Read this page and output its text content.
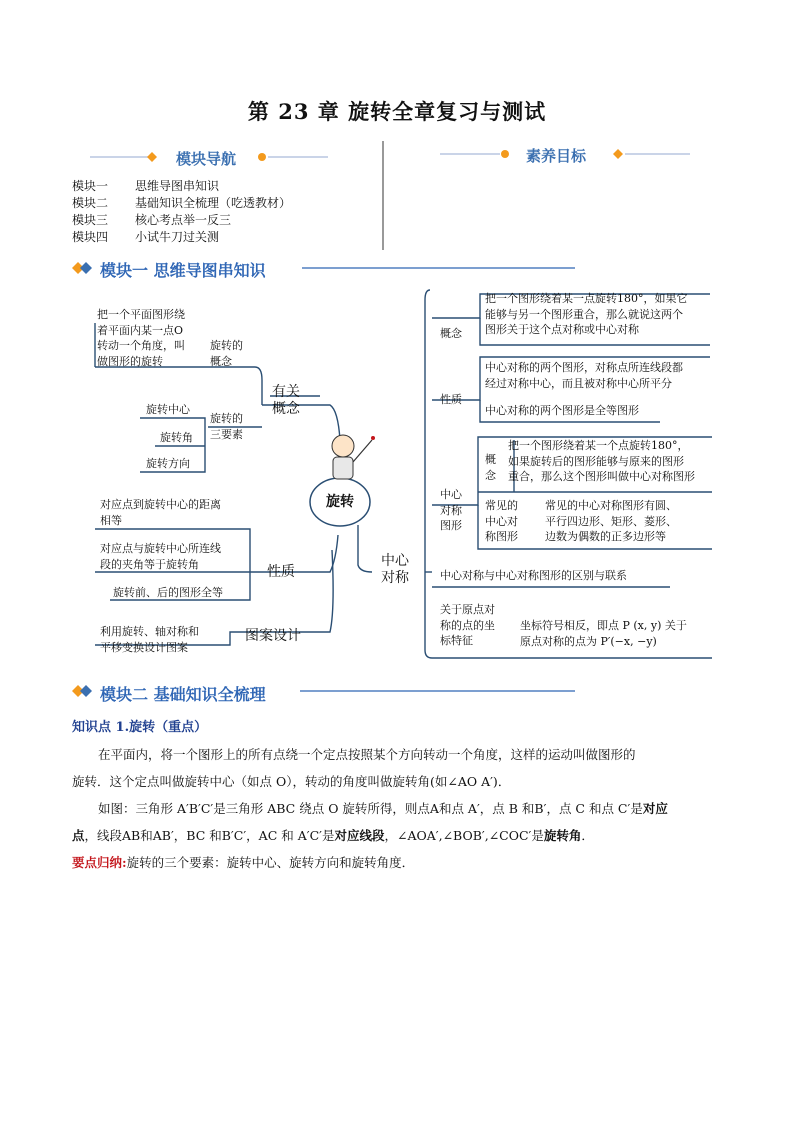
第 23 章 旋转全章复习与测试
模块导航	素养目标
模块一 思维导图串知识
模块二 基础知识全梳理（吃透教材）
模块三 核心考点举一反三
模块四 小试牛刀过关测
模块一 思维导图串知识
旋转
把一个平面图形绕
着平面内某一点O
转动一个角度，叫
做图形的旋转
旋转的
概念
有关
概念
旋转的
三要素
旋转中心
旋转角
旋转方向
对应点到旋转中心的距离
相等
对应点与旋转中心所连线
段的夹角等于旋转角
旋转前、后的图形全等
性质
利用旋转、轴对称和
平移变换设计图案
图案设计
中心
对称
概念
把一个图形绕着某一点旋转180°，如果它
能够与另一个图形重合，那么就说这两个
图形关于这个点对称或中心对称
性质
中心对称的两个图形，对称点所连线段都
经过对称中心，而且被对称中心所平分
中心对称的两个图形是全等图形
中心
对称
图形
概
念
把一个图形绕着某一个点旋转180°，
如果旋转后的图形能够与原来的图形
重合，那么这个图形叫做中心对称图形
常见的
中心对
称图形
常见的中心对称图形有圆、
平行四边形、矩形、菱形、
边数为偶数的正多边形等
中心对称与中心对称图形的区别与联系
关于原点对
称的点的坐
标特征
坐标符号相反，即点 P (x, y) 关于
原点对称的点为 P′(−x, −y)
模块二 基础知识全梳理
知识点 1.旋转（重点）
在平面内，将一个图形上的所有点绕一个定点按照某个方向转动一个角度，这样的运动叫做图形的
旋转．这个定点叫做旋转中心（如点 O），转动的角度叫做旋转角(如∠AO A′)．
如图：三角形 A′B′C′是三角形 ABC 绕点 O 旋转所得，则点A和点 A′，点 B 和B′，点 C 和点 C′是对应
点，线段AB和AB′，BC 和B′C′，AC 和 A′C′是对应线段，∠AOA′,∠BOB′,∠COC′是旋转角．
要点归纳:旋转的三个要素：旋转中心、旋转方向和旋转角度．
